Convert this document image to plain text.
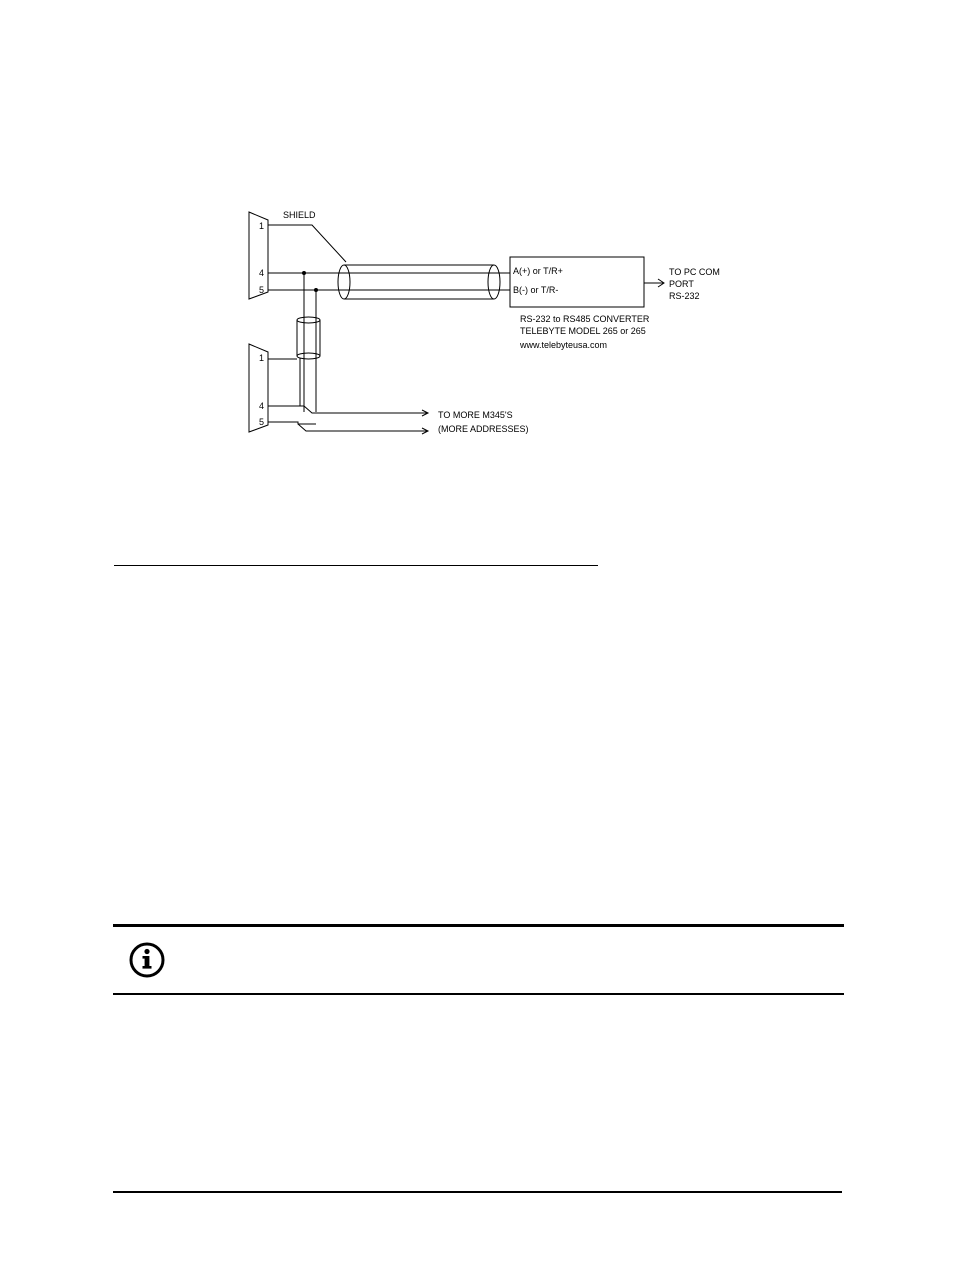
1
4
5
SHIELD
A(+) or T/R+
B(-) or T/R-
RS-232 to RS485 CONVERTER
TELEBYTE MODEL 265 or 265
www.telebyteusa.com
TO PC COM
PORT
RS-232
1
4
5
TO MORE M345'S
(MORE ADDRESSES)
